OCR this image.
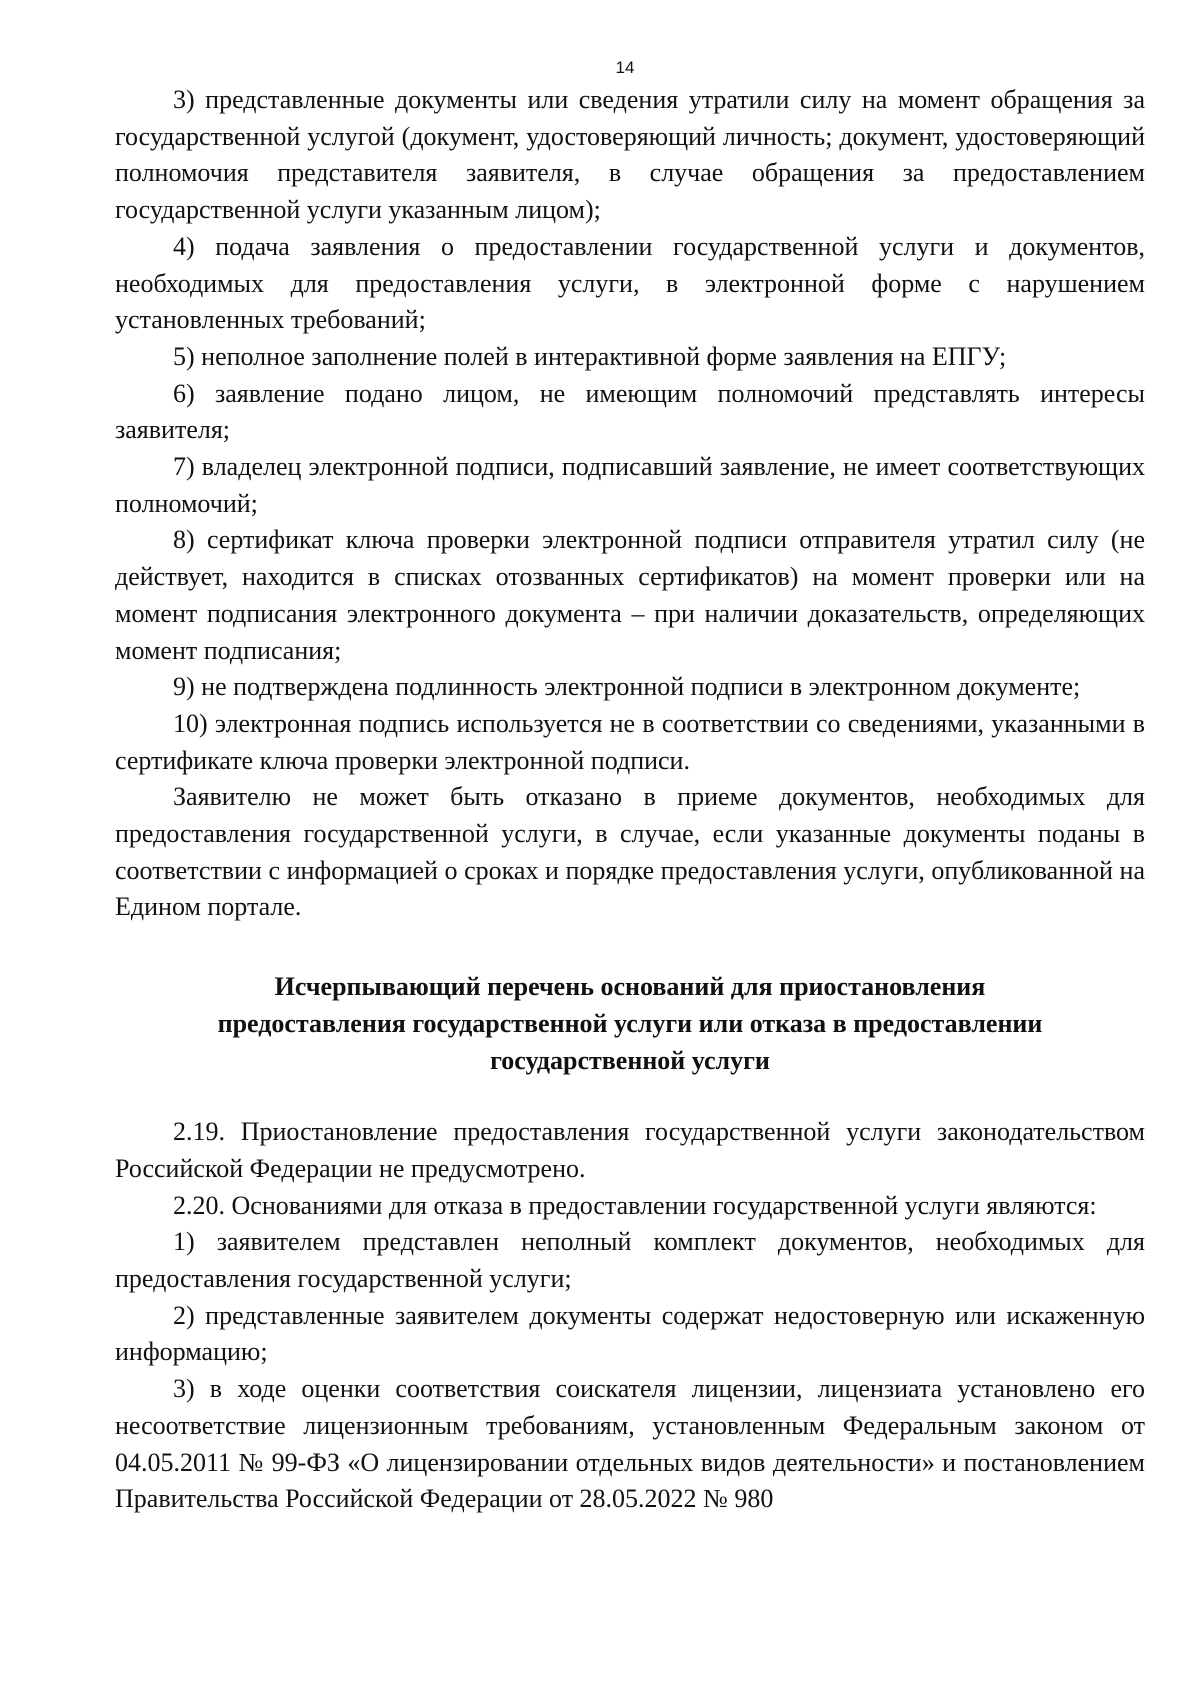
14

3) представленные документы или сведения утратили силу на момент обращения за государственной услугой (документ, удостоверяющий личность; документ, удостоверяющий полномочия представителя заявителя, в случае обращения за предоставлением государственной услуги указанным лицом);

4) подача заявления о предоставлении государственной услуги и документов, необходимых для предоставления услуги, в электронной форме с нарушением установленных требований;

5) неполное заполнение полей в интерактивной форме заявления на ЕПГУ;

6) заявление подано лицом, не имеющим полномочий представлять интересы заявителя;

7) владелец электронной подписи, подписавший заявление, не имеет соответствующих полномочий;

8) сертификат ключа проверки электронной подписи отправителя утратил силу (не действует, находится в списках отозванных сертификатов) на момент проверки или на момент подписания электронного документа – при наличии доказательств, определяющих момент подписания;

9) не подтверждена подлинность электронной подписи в электронном документе;

10) электронная подпись используется не в соответствии со сведениями, указанными в сертификате ключа проверки электронной подписи.

Заявителю не может быть отказано в приеме документов, необходимых для предоставления государственной услуги, в случае, если указанные документы поданы в соответствии с информацией о сроках и порядке предоставления услуги, опубликованной на Едином портале.

Исчерпывающий перечень оснований для приостановления
предоставления государственной услуги или отказа в предоставлении
государственной услуги

2.19. Приостановление предоставления государственной услуги законодательством Российской Федерации не предусмотрено.

2.20. Основаниями для отказа в предоставлении государственной услуги являются:

1) заявителем представлен неполный комплект документов, необходимых для предоставления государственной услуги;

2) представленные заявителем документы содержат недостоверную или искаженную информацию;

3) в ходе оценки соответствия соискателя лицензии, лицензиата установлено его несоответствие лицензионным требованиям, установленным Федеральным законом от 04.05.2011 № 99-ФЗ «О лицензировании отдельных видов деятельности» и постановлением Правительства Российской Федерации от 28.05.2022 № 980
